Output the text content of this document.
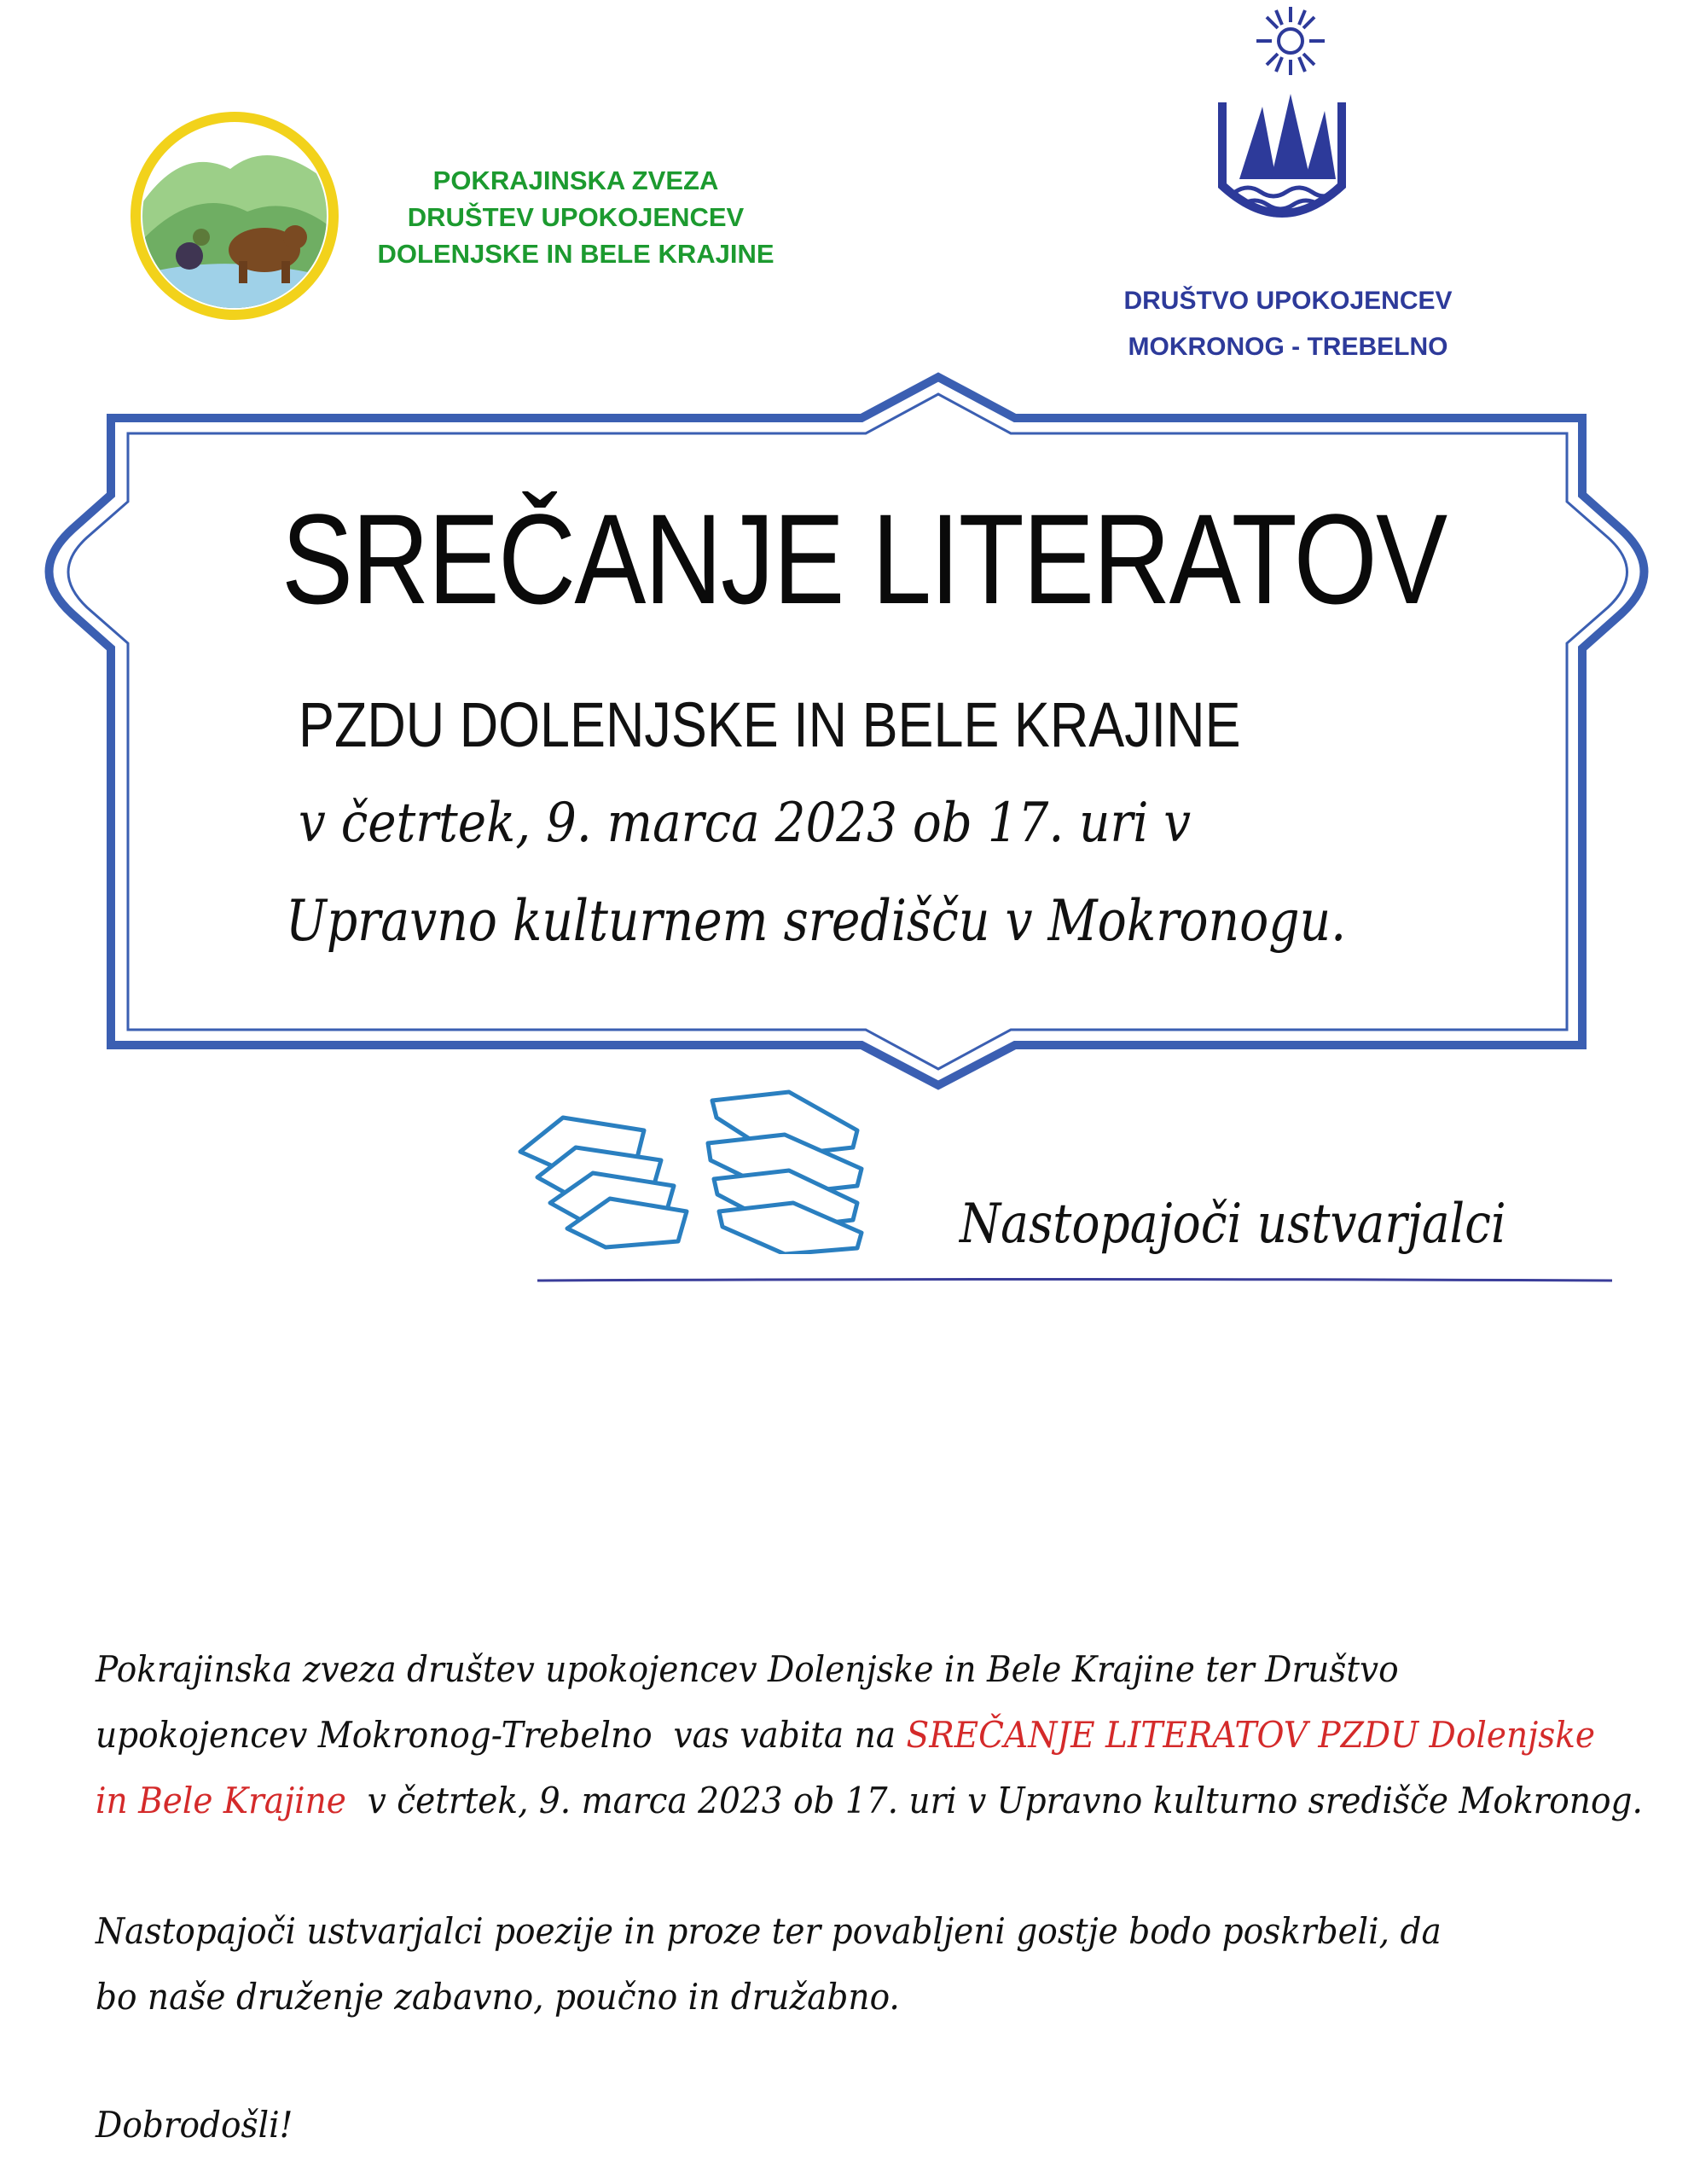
POKRAJINSKA ZVEZA
DRUŠTEV UPOKOJENCEV
DOLENJSKE IN BELE KRAJINE
DRUŠTVO UPOKOJENCEV
MOKRONOG - TREBELNO
SREČANJE LITERATOV
PZDU DOLENJSKE IN BELE KRAJINE
v četrtek, 9. marca 2023 ob 17. uri v
Upravno kulturnem središču v Mokronogu.
Nastopajoči ustvarjalci
Pokrajinska zveza društev upokojencev Dolenjske in Bele Krajine ter Društvo
upokojencev Mokronog-Trebelno  vas vabita na SREČANJE LITERATOV PZDU Dolenjske
in Bele Krajine  v četrtek, 9. marca 2023 ob 17. uri v Upravno kulturno središče Mokronog.
Nastopajoči ustvarjalci poezije in proze ter povabljeni gostje bodo poskrbeli, da
bo naše druženje zabavno, poučno in družabno.
Dobrodošli!
